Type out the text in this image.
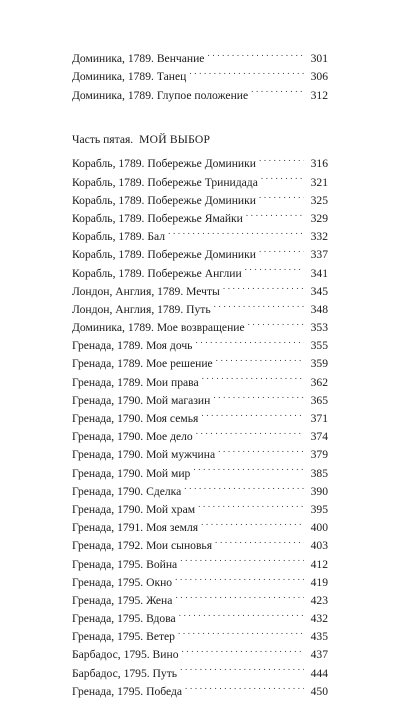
Доминика, 1789. Венчание . . .	301
Доминика, 1789. Танец . . .	306
Доминика, 1789. Глупое положение . . .	312
Часть пятая. МОЙ ВЫБОР
Корабль, 1789. Побережье Доминики . . .	316
Корабль, 1789. Побережье Тринидада . . .	321
Корабль, 1789. Побережье Доминики . . .	325
Корабль, 1789. Побережье Ямайки . . .	329
Корабль, 1789. Бал . . .	332
Корабль, 1789. Побережье Доминики . . .	337
Корабль, 1789. Побережье Англии . . .	341
Лондон, Англия, 1789. Мечты . . .	345
Лондон, Англия, 1789. Путь . . .	348
Доминика, 1789. Мое возвращение . . .	353
Гренада, 1789. Моя дочь . . .	355
Гренада, 1789. Мое решение . . .	359
Гренада, 1789. Мои права . . .	362
Гренада, 1790. Мой магазин . . .	365
Гренада, 1790. Моя семья . . .	371
Гренада, 1790. Мое дело . . .	374
Гренада, 1790. Мой мужчина . . .	379
Гренада, 1790. Мой мир . . .	385
Гренада, 1790. Сделка . . .	390
Гренада, 1790. Мой храм . . .	395
Гренада, 1791. Моя земля . . .	400
Гренада, 1792. Мои сыновья . . .	403
Гренада, 1795. Война . . .	412
Гренада, 1795. Окно . . .	419
Гренада, 1795. Жена . . .	423
Гренада, 1795. Вдова . . .	432
Гренада, 1795. Ветер . . .	435
Барбадос, 1795. Вино . . .	437
Барбадос, 1795. Путь . . .	444
Гренада, 1795. Победа . . .	450
